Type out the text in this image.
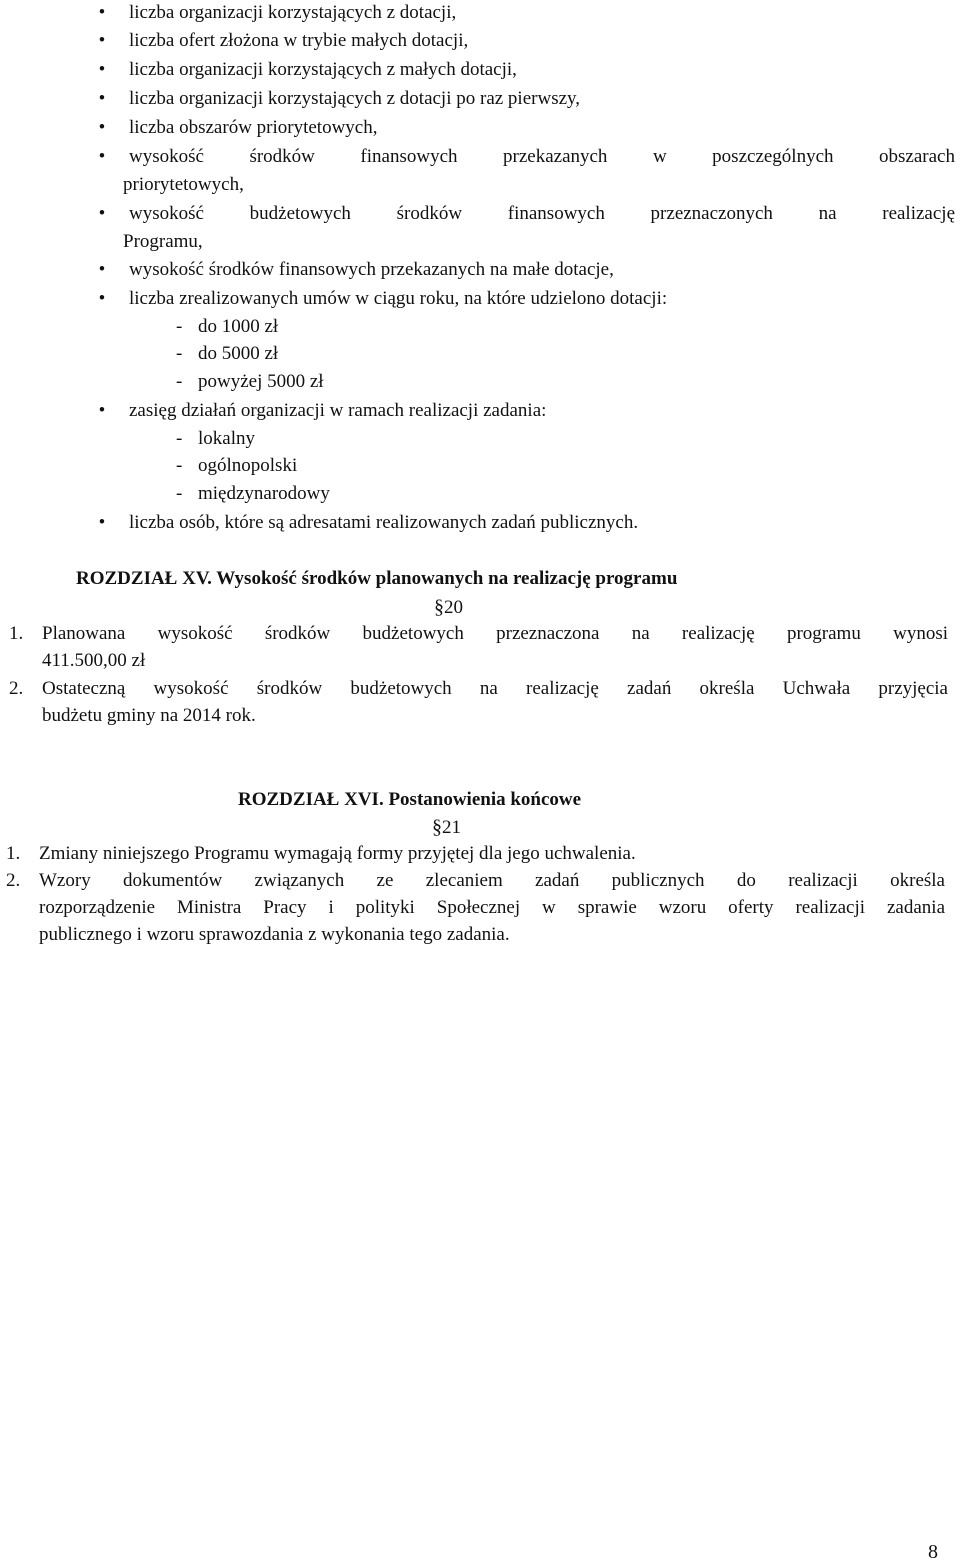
• liczba organizacji korzystających z dotacji,
• liczba ofert złożona w trybie małych dotacji,
• liczba organizacji korzystających z małych dotacji,
• liczba organizacji korzystających z dotacji po raz pierwszy,
• liczba obszarów priorytetowych,
• wysokość środków finansowych przekazanych w poszczególnych obszarach
priorytetowych,
• wysokość budżetowych środków finansowych przeznaczonych na realizację
Programu,
• wysokość środków finansowych przekazanych na małe dotacje,
• liczba zrealizowanych umów w ciągu roku, na które udzielono dotacji:
- do 1000 zł
- do 5000 zł
- powyżej 5000 zł
• zasięg działań organizacji w ramach realizacji zadania:
- lokalny
- ogólnopolski
- międzynarodowy
• liczba osób, które są adresatami realizowanych zadań publicznych.
ROZDZIAŁ XV. Wysokość środków planowanych na realizację programu
§20
1. Planowana wysokość środków budżetowych przeznaczona na realizację programu wynosi
411.500,00 zł
2. Ostateczną wysokość środków budżetowych na realizację zadań określa Uchwała przyjęcia
budżetu gminy na 2014 rok.
ROZDZIAŁ XVI. Postanowienia końcowe
§21
1. Zmiany niniejszego Programu wymagają formy przyjętej dla jego uchwalenia.
2. Wzory dokumentów związanych ze zlecaniem zadań publicznych do realizacji określa
rozporządzenie Ministra Pracy i polityki Społecznej w sprawie wzoru oferty realizacji zadania
publicznego i wzoru sprawozdania z wykonania tego zadania.
8
